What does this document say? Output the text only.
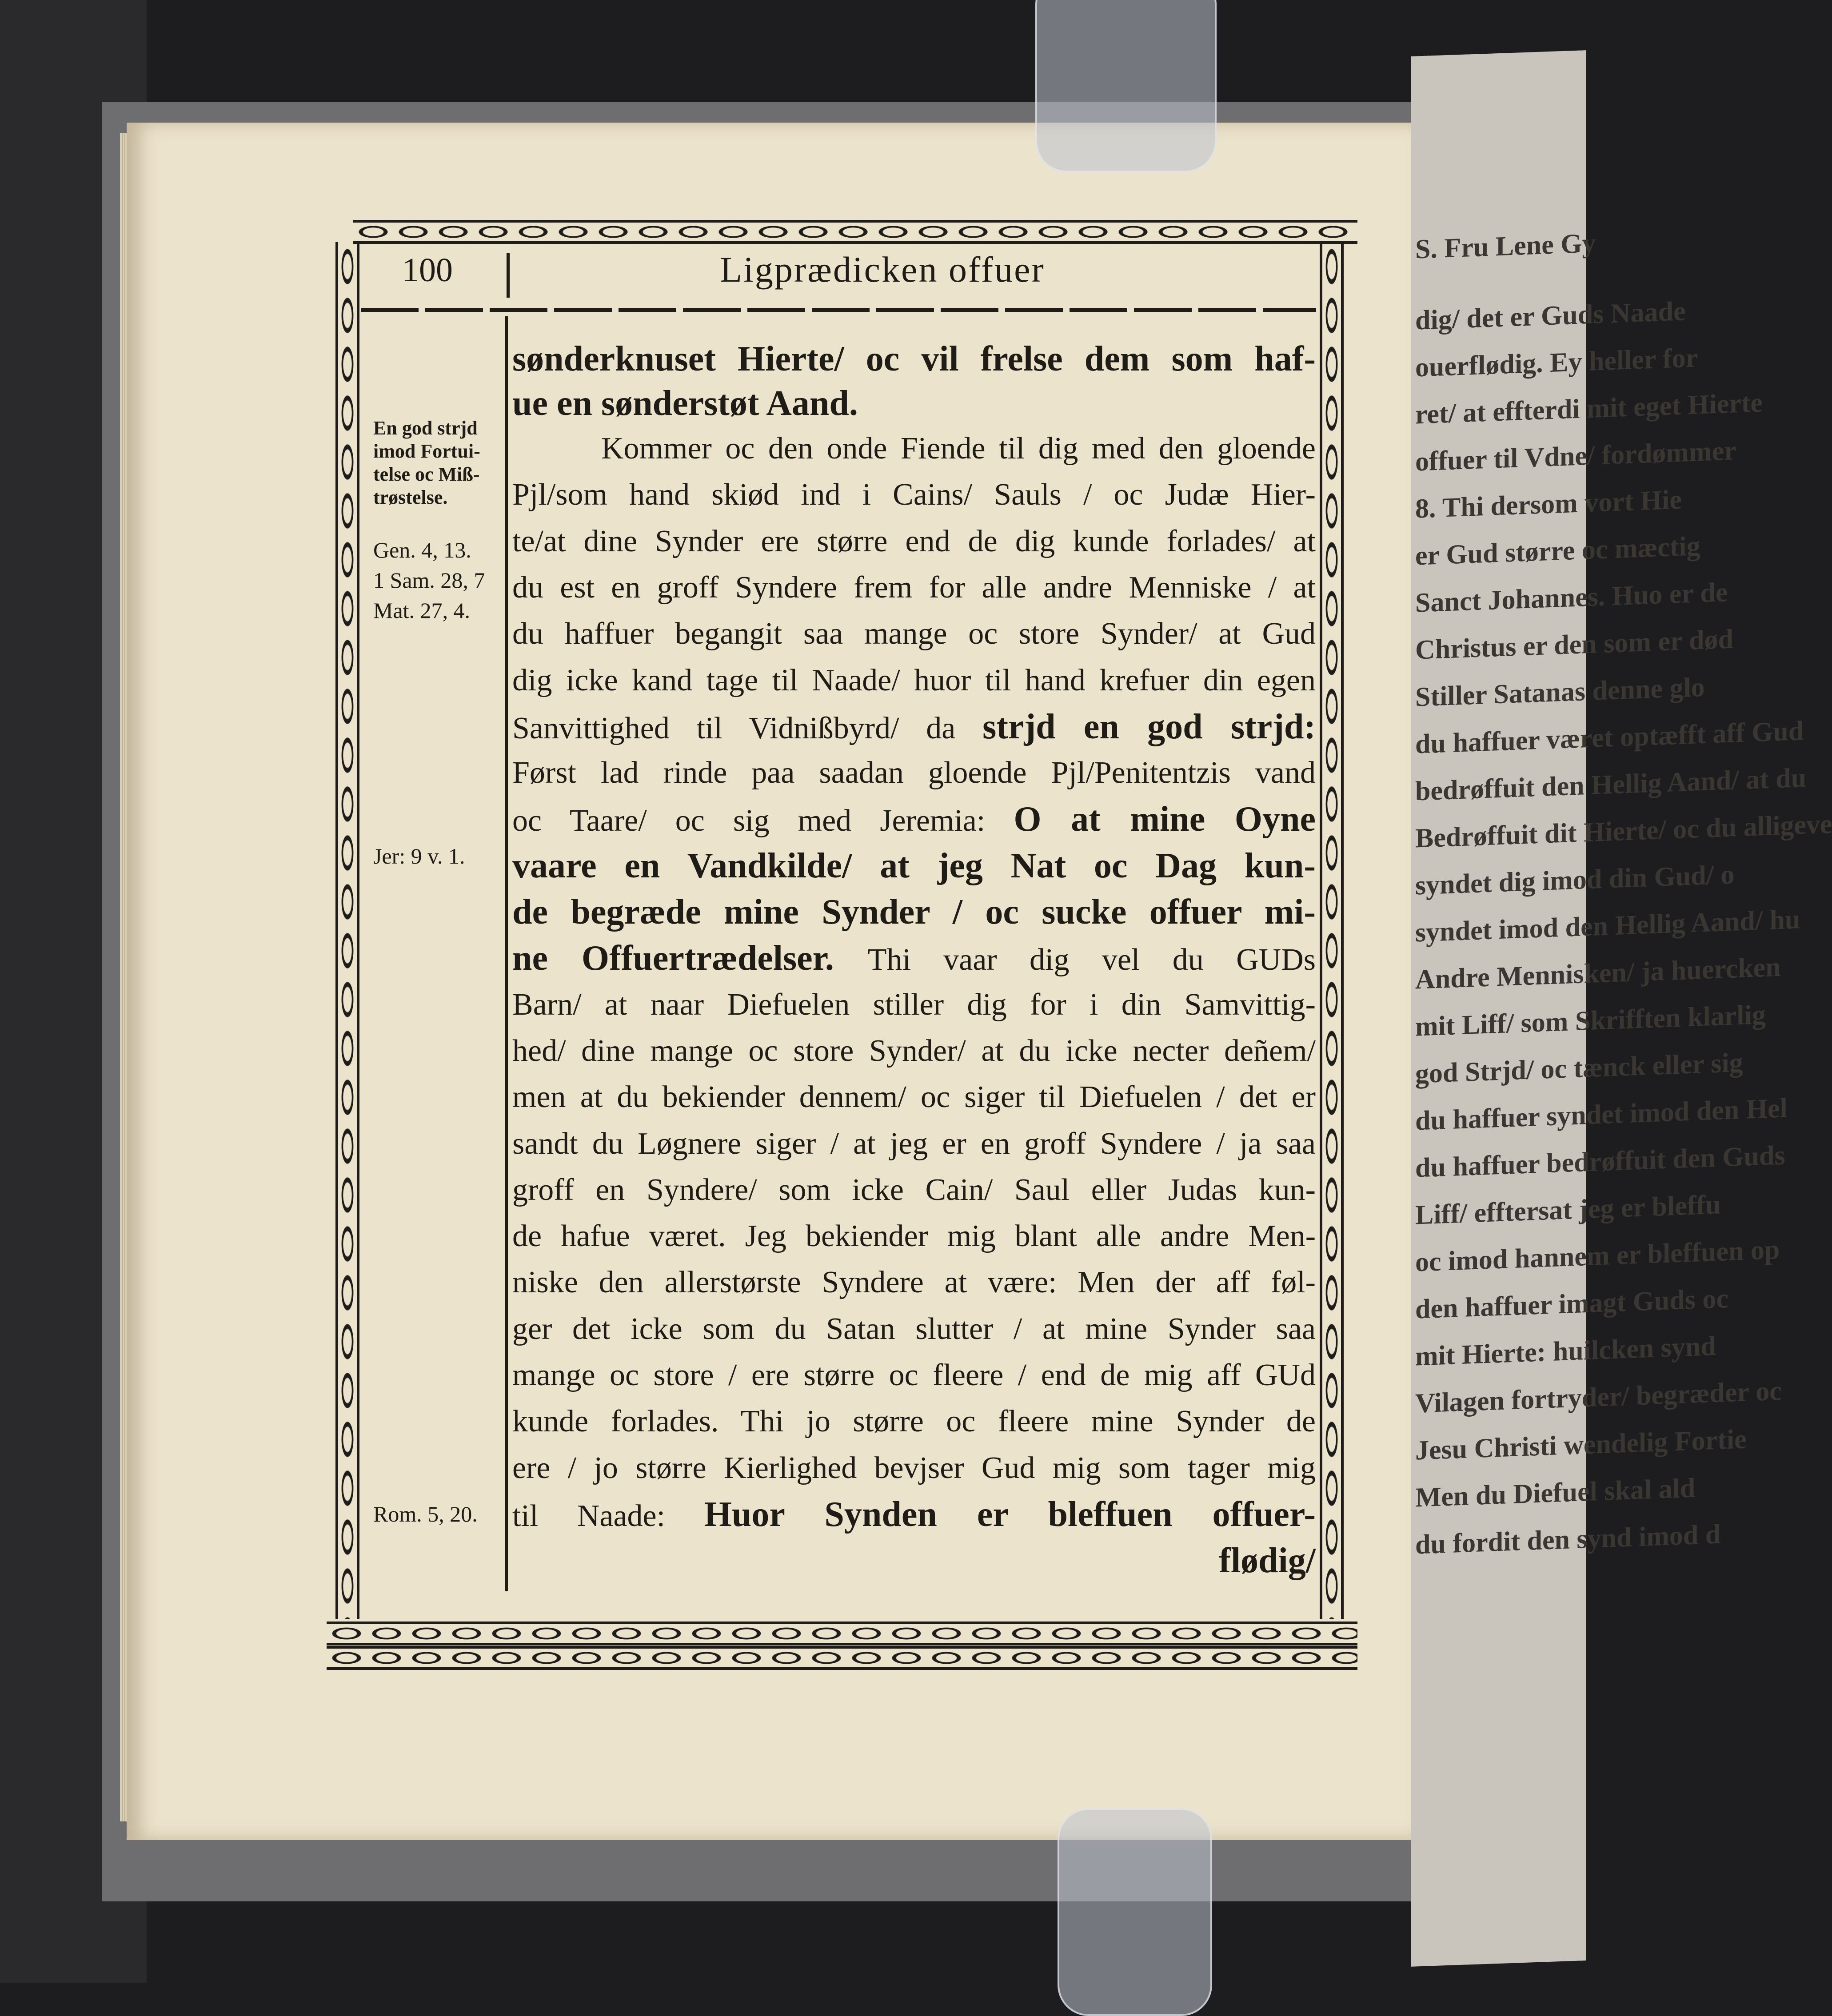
S. Fru Lene Gy
dig/ det er Guds Naade
ouerflødig. Ey heller for
ret/ at effterdi mit eget Hierte
offuer til Vdne/ fordømmer
8. Thi dersom vort Hie
er Gud større oc mæctig
Sanct Johannes. Huo er de
Christus er den som er død
Stiller Satanas denne glo
du haffuer været optæfft aff Gud
bedrøffuit den Hellig Aand/ at du
Bedrøffuit dit Hierte/ oc du alligeve
syndet dig imod din Gud/ o
syndet imod den Hellig Aand/ hu
Andre Mennisken/ ja huercken
mit Liff/ som Skrifften klarlig
god Strjd/ oc tænck eller sig
du haffuer syndet imod den Hel
du haffuer bedrøffuit den Guds
Liff/ efftersat jeg er bleffu
oc imod hannem er bleffuen op
den haffuer imagt Guds oc
mit Hierte: huilcken synd
Vilagen fortryder/ begræder oc
Jesu Christi wendelig Fortie
Men du Diefuel skal ald
du fordit den synd imod d
100	Ligprædicken offuer
sønderknuset Hierte/ oc vil frelse dem som haf-
ue en sønderstøt Aand.
Kommer oc den onde Fiende til dig med den gloende
Pjl/som hand skiød ind i Cains/ Sauls / oc Judæ Hier-
te/at dine Synder ere større end de dig kunde forlades/ at
du est en groff Syndere frem for alle andre Menniske / at
du haffuer begangit saa mange oc store Synder/ at Gud
dig icke kand tage til Naade/ huor til hand krefuer din egen
Sanvittighed til Vidnißbyrd/ da strjd en god strjd:
Først lad rinde paa saadan gloende Pjl/Penitentzis vand
oc Taare/ oc sig med Jeremia: O at mine Oyne
vaare en Vandkilde/ at jeg Nat oc Dag kun-
de begræde mine Synder / oc sucke offuer mi-
ne Offuertrædelser. Thi vaar dig vel du GUDs
Barn/ at naar Diefuelen stiller dig for i din Samvittig-
hed/ dine mange oc store Synder/ at du icke necter deñem/
men at du bekiender dennem/ oc siger til Diefuelen / det er
sandt du Løgnere siger / at jeg er en groff Syndere / ja saa
groff en Syndere/ som icke Cain/ Saul eller Judas kun-
de hafue været. Jeg bekiender mig blant alle andre Men-
niske den allerstørste Syndere at være: Men der aff føl-
ger det icke som du Satan slutter / at mine Synder saa
mange oc store / ere større oc fleere / end de mig aff GUd
kunde forlades. Thi jo større oc fleere mine Synder de
ere / jo større Kierlighed bevjser Gud mig som tager mig
til Naade: Huor Synden er bleffuen offuer-
flødig/
En god strjd
imod Fortui-
telse oc Miß-
trøstelse.
Gen. 4, 13.
1 Sam. 28, 7
Mat. 27, 4.
Jer: 9 v. 1.
Rom. 5, 20.
